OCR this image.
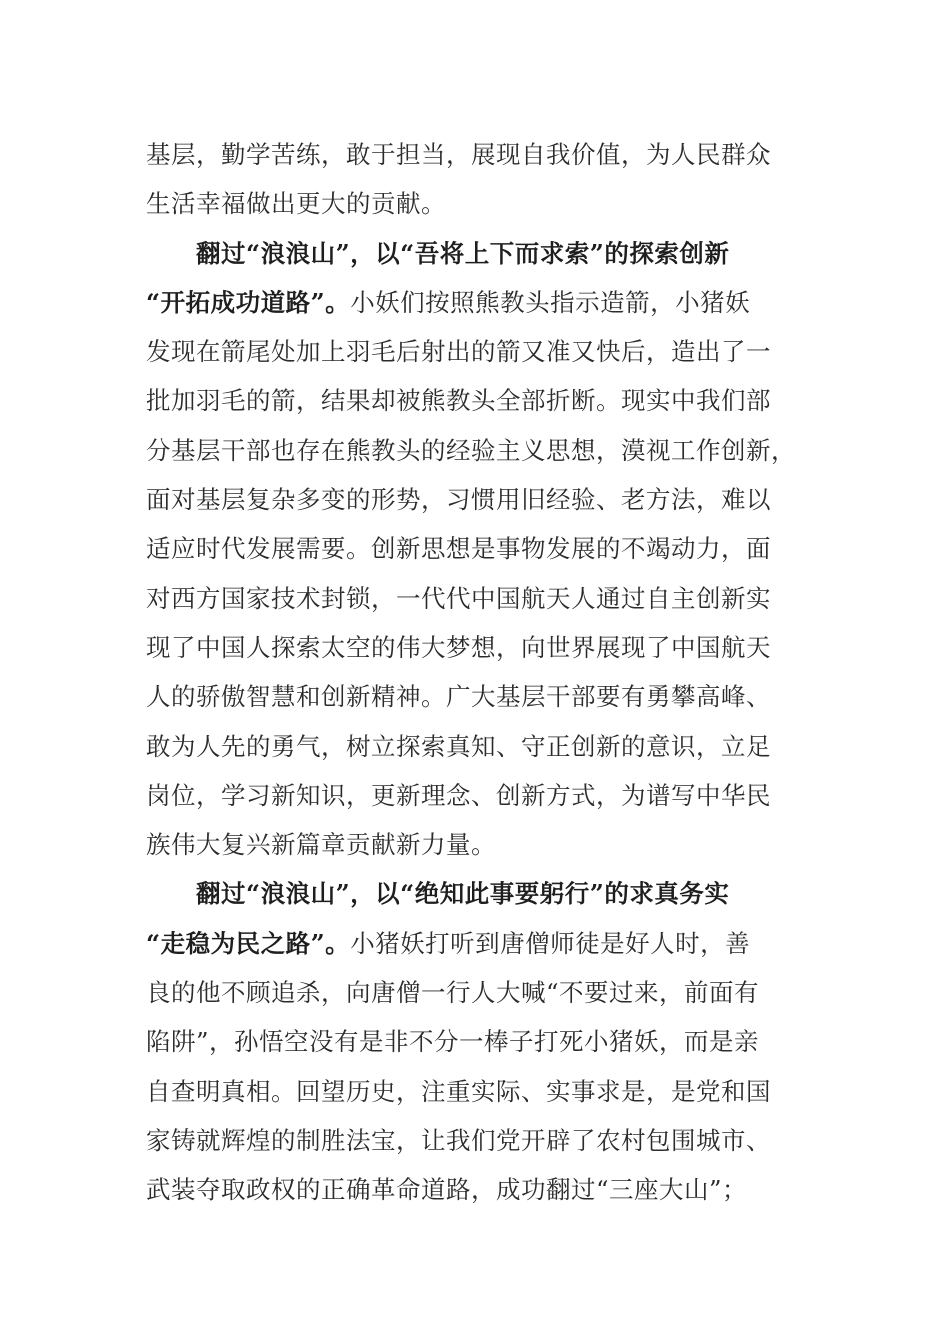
基层，勤学苦练，敢于担当，展现自我价值，为人民群众
生活幸福做出更大的贡献。
翻过“浪浪山”，以“吾将上下而求索”的探索创新
“开拓成功道路”。小妖们按照熊教头指示造箭，小猪妖
发现在箭尾处加上羽毛后射出的箭又准又快后，造出了一
批加羽毛的箭，结果却被熊教头全部折断。现实中我们部
分基层干部也存在熊教头的经验主义思想，漠视工作创新，
面对基层复杂多变的形势，习惯用旧经验、老方法，难以
适应时代发展需要。创新思想是事物发展的不竭动力，面
对西方国家技术封锁，一代代中国航天人通过自主创新实
现了中国人探索太空的伟大梦想，向世界展现了中国航天
人的骄傲智慧和创新精神。广大基层干部要有勇攀高峰、
敢为人先的勇气，树立探索真知、守正创新的意识，立足
岗位，学习新知识，更新理念、创新方式，为谱写中华民
族伟大复兴新篇章贡献新力量。
翻过“浪浪山”，以“绝知此事要躬行”的求真务实
“走稳为民之路”。小猪妖打听到唐僧师徒是好人时，善
良的他不顾追杀，向唐僧一行人大喊“不要过来，前面有
陷阱”，孙悟空没有是非不分一棒子打死小猪妖，而是亲
自查明真相。回望历史，注重实际、实事求是，是党和国
家铸就辉煌的制胜法宝，让我们党开辟了农村包围城市、
武装夺取政权的正确革命道路，成功翻过“三座大山”；
